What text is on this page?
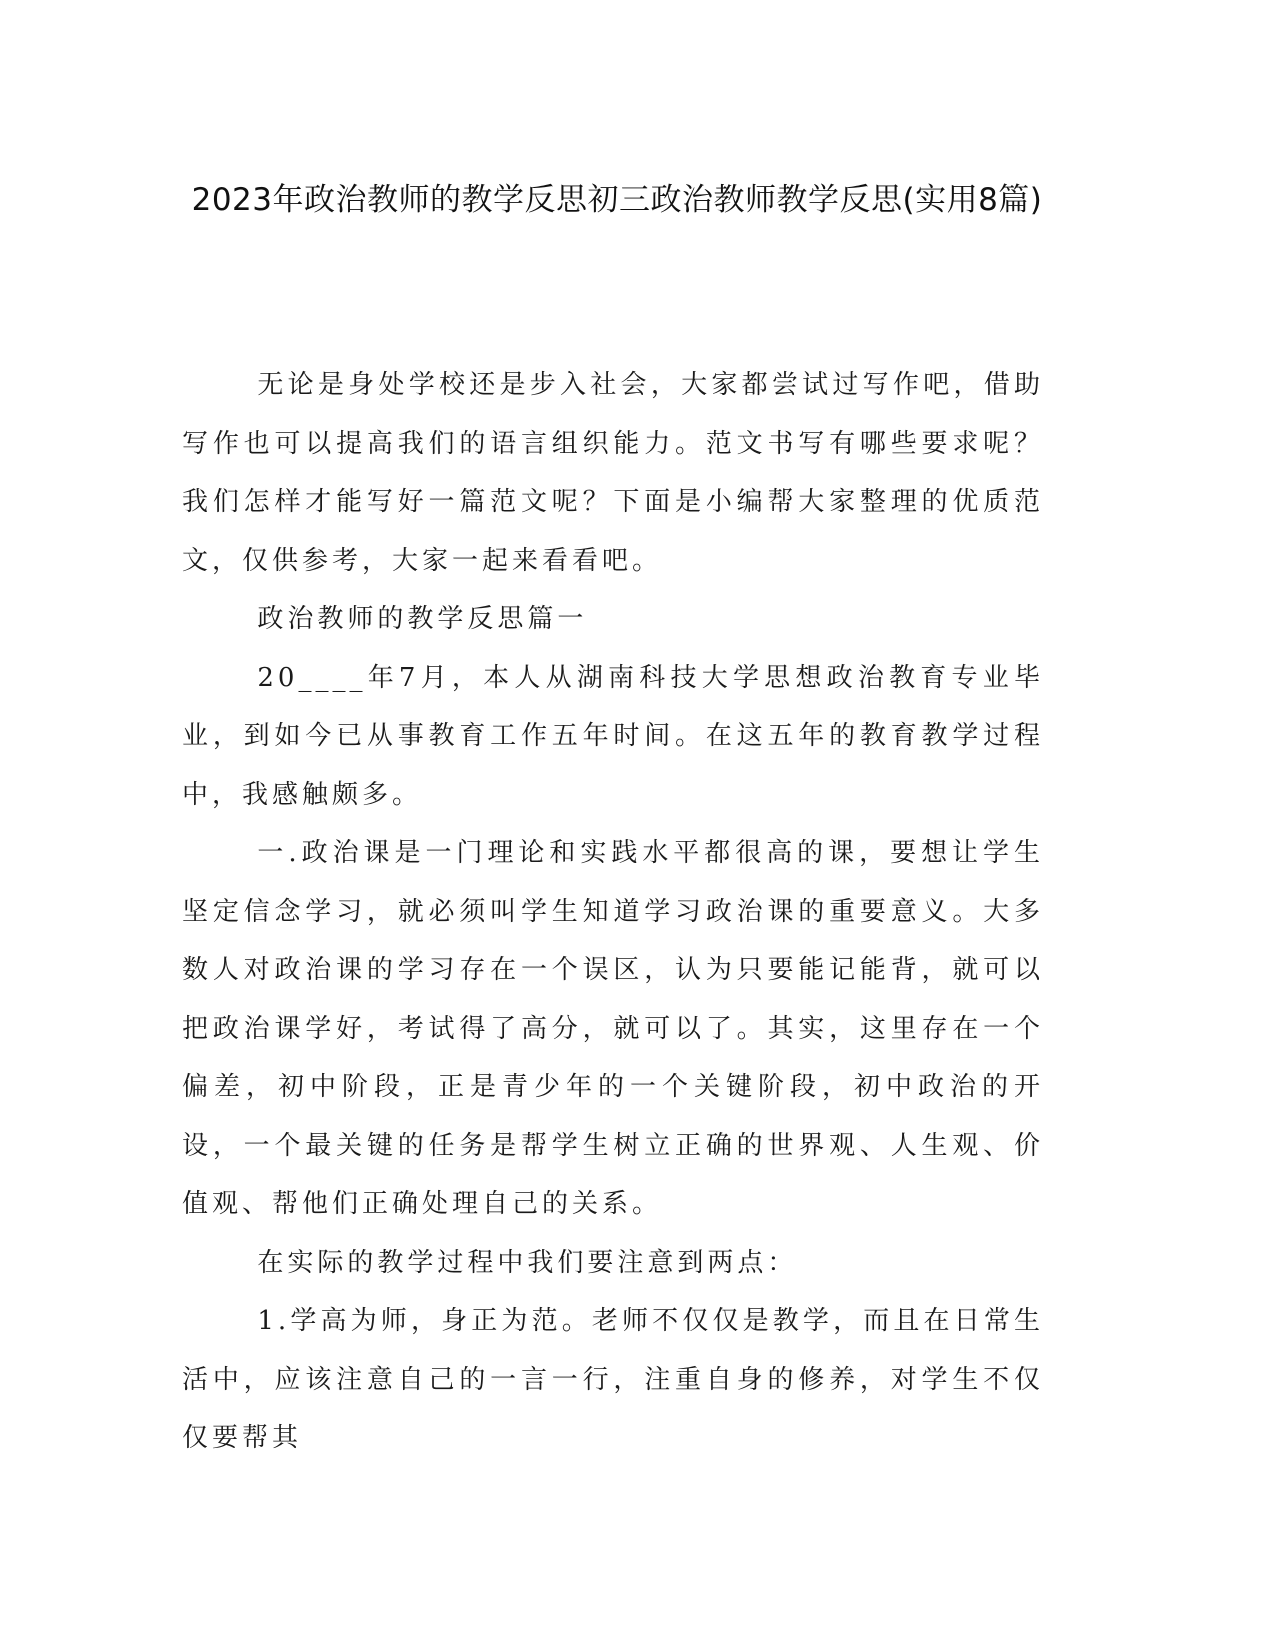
2023年政治教师的教学反思初三政治教师教学反思(实用8篇)

无论是身处学校还是步入社会，大家都尝试过写作吧，借助写作也可以提高我们的语言组织能力。范文书写有哪些要求呢？我们怎样才能写好一篇范文呢？下面是小编帮大家整理的优质范文，仅供参考，大家一起来看看吧。

政治教师的教学反思篇一

20____年7月，本人从湖南科技大学思想政治教育专业毕业，到如今已从事教育工作五年时间。在这五年的教育教学过程中，我感触颇多。

一.政治课是一门理论和实践水平都很高的课，要想让学生坚定信念学习，就必须叫学生知道学习政治课的重要意义。大多数人对政治课的学习存在一个误区，认为只要能记能背，就可以把政治课学好，考试得了高分，就可以了。其实，这里存在一个偏差，初中阶段，正是青少年的一个关键阶段，初中政治的开设，一个最关键的任务是帮学生树立正确的世界观、人生观、价值观、帮他们正确处理自己的关系。

在实际的教学过程中我们要注意到两点：

1.学高为师，身正为范。老师不仅仅是教学，而且在日常生活中，应该注意自己的一言一行，注重自身的修养，对学生不仅仅要帮其
